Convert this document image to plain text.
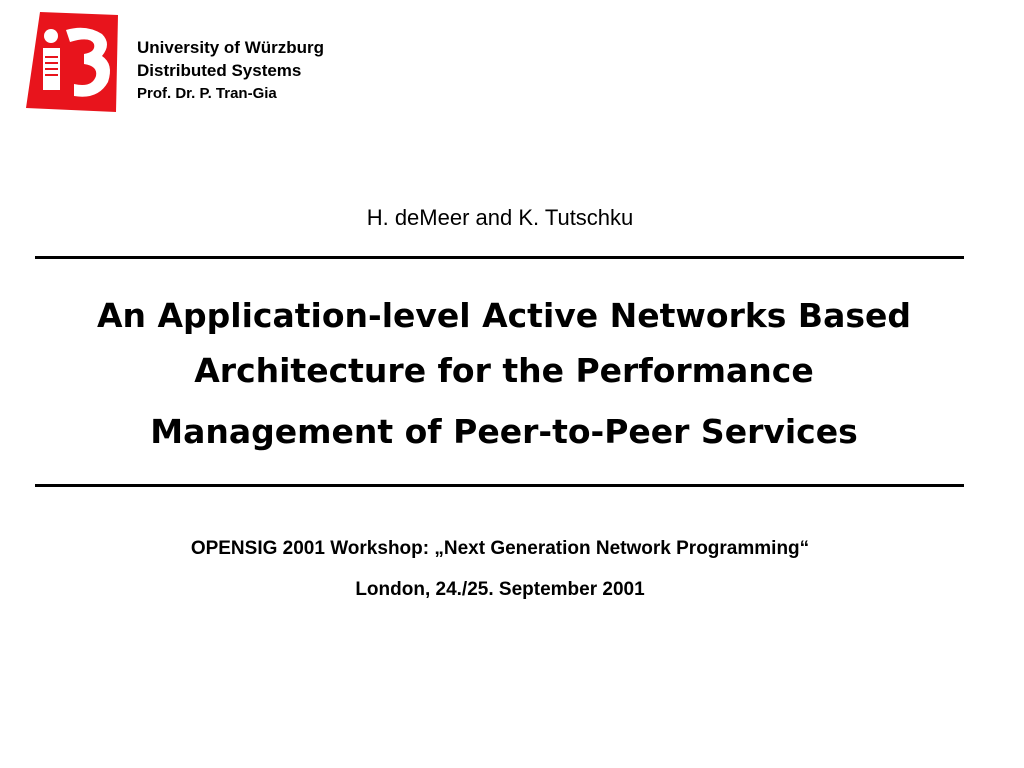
University of Würzburg
Distributed Systems
Prof. Dr. P. Tran-Gia
H. deMeer and K. Tutschku
An Application-level Active Networks Based
Architecture for the Performance
Management of Peer-to-Peer Services
OPENSIG 2001 Workshop: „Next Generation Network Programming“
London, 24./25. September 2001
